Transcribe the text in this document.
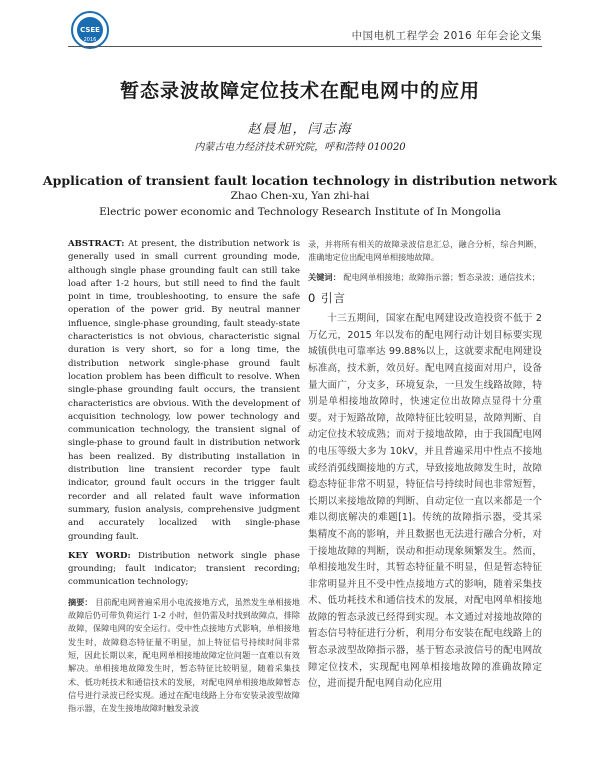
CSEE
2016	中国电机工程学会 2016 年年会论文集
暂态录波故障定位技术在配电网中的应用
赵晨旭，闫志海
内蒙古电力经济技术研究院，呼和浩特 010020
Application of transient fault location technology in distribution network
Zhao Chen-xu, Yan zhi-hai
Electric power economic and Technology Research Institute of In Mongolia

ABSTRACT: At present, the distribution network is generally used in small current grounding mode, although single phase grounding fault can still take load after 1-2 hours, but still need to find the fault point in time, troubleshooting, to ensure the safe operation of the power grid. By neutral manner influence, single-phase grounding, fault steady-state characteristics is not obvious, characteristic signal duration is very short, so for a long time, the distribution network single-phase ground fault location problem has been difficult to resolve. When single-phase grounding fault occurs, the transient characteristics are obvious. With the development of acquisition technology, low power technology and communication technology, the transient signal of single-phase to ground fault in distribution network has been realized. By distributing installation in distribution line transient recorder type fault indicator, ground fault occurs in the trigger fault recorder and all related fault wave information summary, fusion analysis, comprehensive judgment and accurately localized with single-phase grounding fault.

KEY WORD: Distribution network single phase grounding; fault indicator; transient recording; communication technology;

摘要： 目前配电网普遍采用小电流接地方式，虽然发生单相接地故障后仍可带负荷运行 1-2 小时，但仍需及时找到故障点，排除故障，保障电网的安全运行。受中性点接地方式影响，单相接地发生时，故障稳态特征量不明显，加上特征信号持续时间非常短，因此长期以来，配电网单相接地故障定位问题一直难以有效解决。单相接地故障发生时，暂态特征比较明显，随着采集技术、低功耗技术和通信技术的发展，对配电网单相接地故障暂态信号进行录波已经实现。通过在配电线路上分布安装录波型故障指示器，在发生接地故障时触发录波

录，并将所有相关的故障录波信息汇总，融合分析，综合判断，准确地定位出配电网单相接地故障。

关键词： 配电网单相接地；故障指示器；暂态录波；通信技术；

0 引言

十三五期间，国家在配电网建设改造投资不低于 2 万亿元，2015 年以发布的配电网行动计划目标要实现城镇供电可靠率达 99.88%以上，这就要求配电网建设标准高，技术新，效员好。配电网直接面对用户，设备量大面广，分支多，环境复杂，一旦发生线路故障，特别是单相接地故障时，快速定位出故障点显得十分重要。对于短路故障，故障特征比较明显，故障判断、自动定位技术较成熟；而对于接地故障，由于我国配电网的电压等级大多为 10kV，并且普遍采用中性点不接地或经消弧线圈接地的方式，导致接地故障发生时，故障稳态特征非常不明显，特征信号持续时间也非常短暂，长期以来接地故障的判断、自动定位一直以来都是一个难以彻底解决的难题[1]。传统的故障指示器，受其采集精度不高的影响，并且数据也无法进行融合分析，对于接地故障的判断，误动和拒动现象频繁发生。然而，单相接地发生时，其暂态特征量不明显，但是暂态特征非常明显并且不受中性点接地方式的影响，随着采集技术、低功耗技术和通信技术的发展，对配电网单相接地故障的暂态录波已经得到实现。本文通过对接地故障的暂态信号特征进行分析，利用分布安装在配电线路上的暂态录波型故障指示器，基于暂态录波信号的配电网故障定位技术，实现配电网单相接地故障的准确故障定位，进而提升配电网自动化应用
